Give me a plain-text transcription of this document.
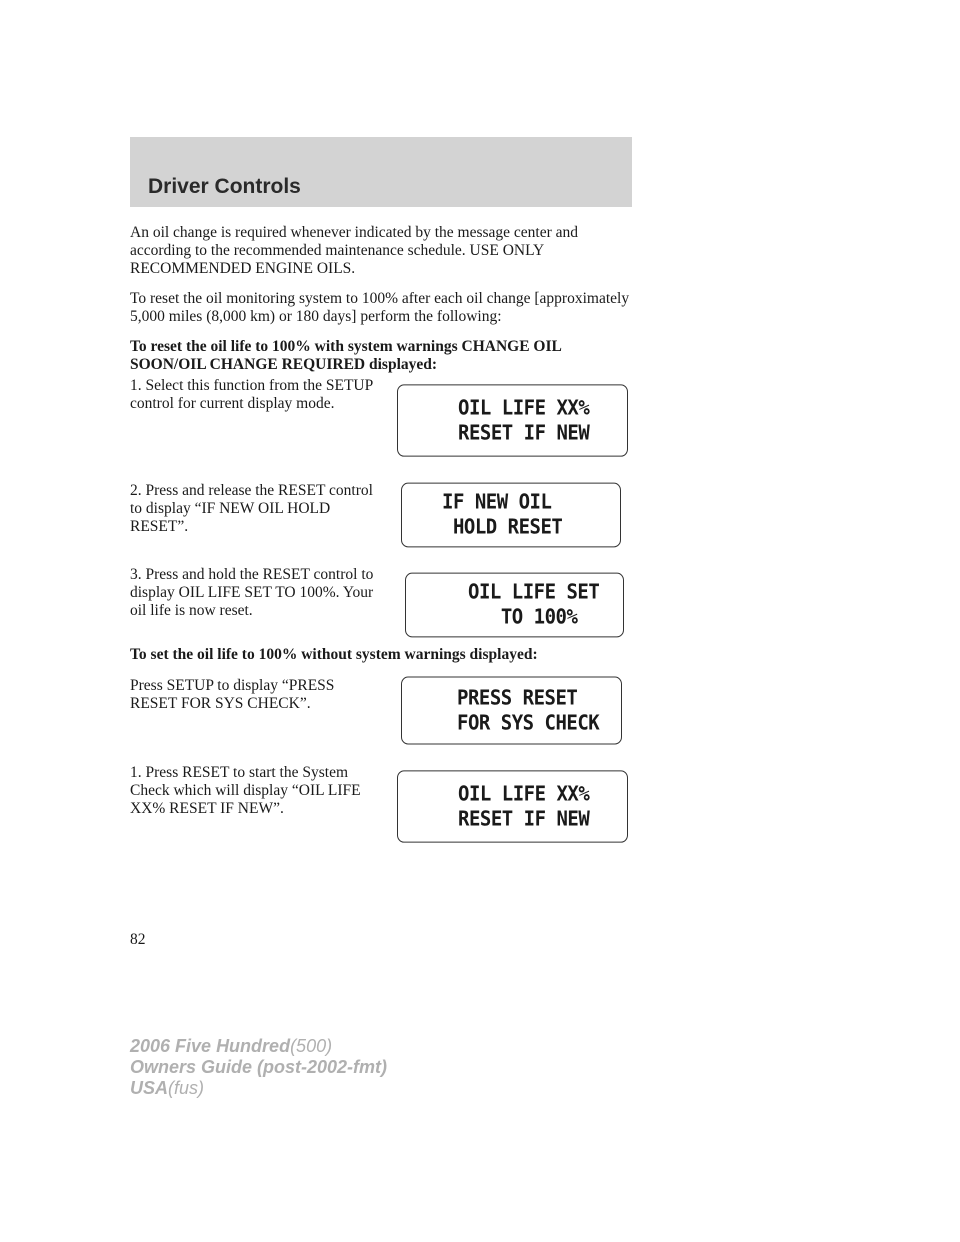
Driver Controls

An oil change is required whenever indicated by the message center and according to the recommended maintenance schedule. USE ONLY RECOMMENDED ENGINE OILS.

To reset the oil monitoring system to 100% after each oil change [approximately 5,000 miles (8,000 km) or 180 days] perform the following:

To reset the oil life to 100% with system warnings CHANGE OIL SOON/OIL CHANGE REQUIRED displayed:

1. Select this function from the SETUP control for current display mode.	OIL LIFE XX%
RESET IF NEW

2. Press and release the RESET control to display “IF NEW OIL HOLD RESET”.

IF NEW OIL
HOLD RESET

3. Press and hold the RESET control to display OIL LIFE SET TO 100%. Your oil life is now reset.

OIL LIFE SET
TO 100%

To set the oil life to 100% without system warnings displayed:

Press SETUP to display “PRESS RESET FOR SYS CHECK”.	PRESS RESET
FOR SYS CHECK

1. Press RESET to start the System Check which will display “OIL LIFE XX% RESET IF NEW”.

OIL LIFE XX%
RESET IF NEW
82
2006 Five Hundred(500)
Owners Guide (post-2002-fmt)
USA(fus)
